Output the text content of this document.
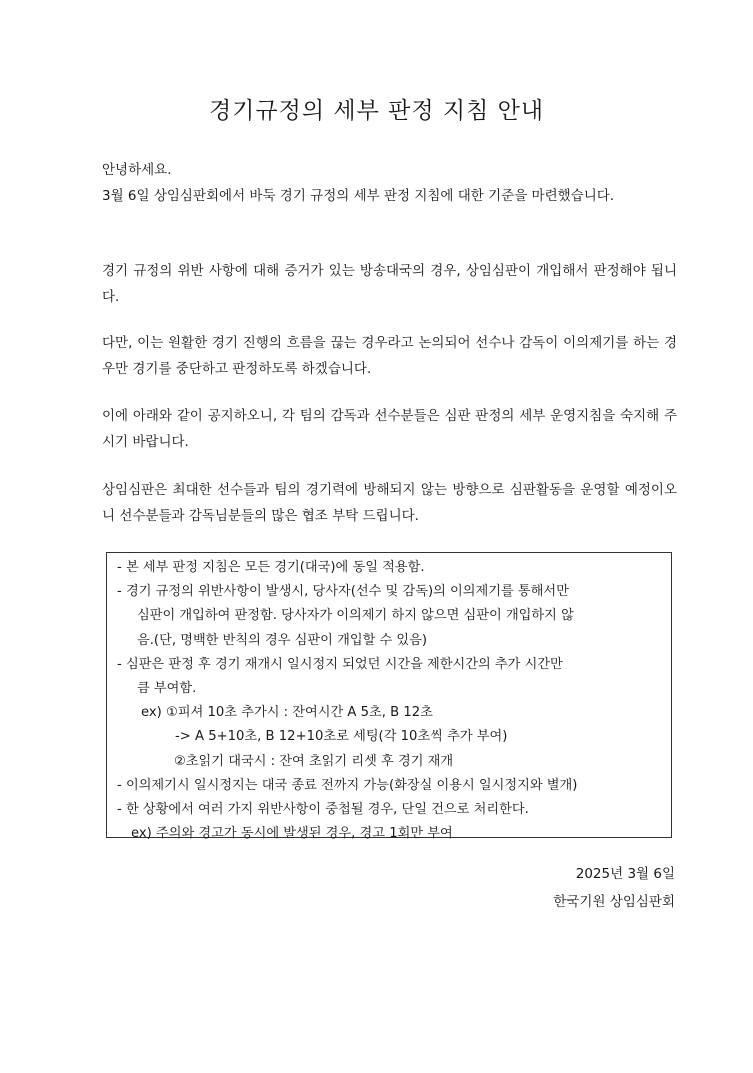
경기규정의 세부 판정 지침 안내
안녕하세요.

3월 6일 상임심판회에서 바둑 경기 규정의 세부 판정 지침에 대한 기준을 마련했습니다.

경기 규정의 위반 사항에 대해 증거가 있는 방송대국의 경우, 상임심판이 개입해서 판정해야 됩니다.

다만, 이는 원활한 경기 진행의 흐름을 끊는 경우라고 논의되어 선수나 감독이 이의제기를 하는 경우만 경기를 중단하고 판정하도록 하겠습니다.

이에 아래와 같이 공지하오니, 각 팀의 감독과 선수분들은 심판 판정의 세부 운영지침을 숙지해 주시기 바랍니다.

상임심판은 최대한 선수들과 팀의 경기력에 방해되지 않는 방향으로 심판활동을 운영할 예정이오니 선수분들과 감독님분들의 많은 협조 부탁 드립니다.

- 본 세부 판정 지침은 모든 경기(대국)에 동일 적용함.
- 경기 규정의 위반사항이 발생시, 당사자(선수 및 감독)의 이의제기를 통해서만
심판이 개입하여 판정함. 당사자가 이의제기 하지 않으면 심판이 개입하지 않
음.(단, 명백한 반칙의 경우 심판이 개입할 수 있음)
- 심판은 판정 후 경기 재개시 일시정지 되었던 시간을 제한시간의 추가 시간만
큼 부여함.
ex) ①피셔 10초 추가시 : 잔여시간 A 5초, B 12초
-> A 5+10초, B 12+10초로 세팅(각 10초씩 추가 부여)
②초읽기 대국시 : 잔여 초읽기 리셋 후 경기 재개
- 이의제기시 일시정지는 대국 종료 전까지 가능(화장실 이용시 일시정지와 별개)
- 한 상황에서 여러 가지 위반사항이 중첩될 경우, 단일 건으로 처리한다.
ex) 주의와 경고가 동시에 발생된 경우, 경고 1회만 부여
2025년 3월 6일
한국기원 상임심판회
